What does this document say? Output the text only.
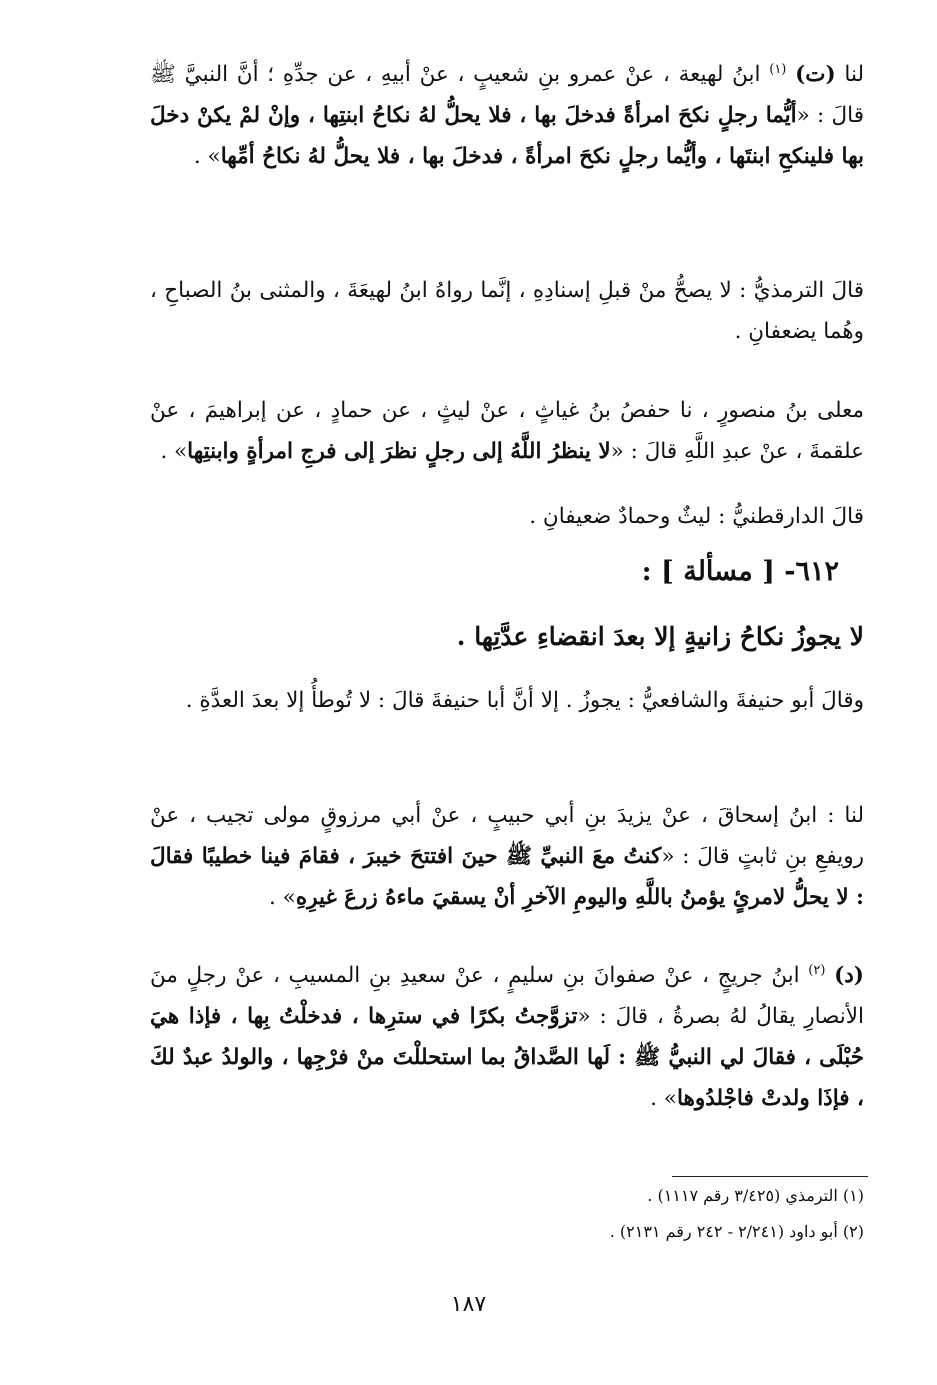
لنا (ت) $^{(١)}$ ابنُ لهيعة ، عنْ عمرو بنِ شعيبٍ ، عنْ أبيهِ ، عن جدِّهِ ؛ أنَّ النبيَّ ﷺ قالَ : «أيُّما رجلٍ نكحَ امرأةً فدخلَ بها ، فلا يحلُّ لهُ نكاحُ ابنتِها ، وإنْ لمْ يكنْ دخلَ بها فلينكحِ ابنتَها ، وأيُّما رجلٍ نكحَ امرأةً ، فدخلَ بها ، فلا يحلُّ لهُ نكاحُ أمِّها» .

قالَ الترمذيُّ : لا يصحُّ منْ قبلِ إسنادِهِ ، إنَّما رواهُ ابنُ لهيعَةَ ، والمثنى بنُ الصباحِ ، وهُما يضعفانِ .

معلى بنُ منصورٍ ، نا حفصُ بنُ غياثٍ ، عنْ ليثٍ ، عن حمادٍ ، عن إبراهيمَ ، عنْ علقمةَ ، عنْ عبدِ اللَّهِ قالَ : «لا ينظرُ اللَّهُ إلى رجلٍ نظرَ إلى فرجِ امرأةٍ وابنتِها» .

قالَ الدارقطنيُّ : ليثٌ وحمادٌ ضعيفانِ .

٦١٢- [ مسألة ] :
لا يجوزُ نكاحُ زانيةٍ إلا بعدَ انقضاءِ عدَّتِها .

وقالَ أبو حنيفةَ والشافعيُّ : يجوزُ . إلا أنَّ أبا حنيفةَ قالَ : لا تُوطأُ إلا بعدَ العدَّةِ .

لنا : ابنُ إسحاقَ ، عنْ يزيدَ بنِ أبي حبيبٍ ، عنْ أبي مرزوقٍ مولى تجيب ، عنْ رويفعِ بنِ ثابتٍ قالَ : «كنتُ معَ النبيِّ ﷺ حينَ افتتحَ خيبرَ ، فقامَ فينا خطيبًا فقالَ : لا يحلُّ لامرئٍ يؤمنُ باللَّهِ واليومِ الآخرِ أنْ يسقيَ ماءهُ زرعَ غيرِهِ» .

(د) $^{(٢)}$ ابنُ جريجٍ ، عنْ صفوانَ بنِ سليمٍ ، عنْ سعيدِ بنِ المسيبِ ، عنْ رجلٍ منَ الأنصارِ يقالُ لهُ بصرةُ ، قالَ : «تزوَّجتُ بكرًا في سترِها ، فدخلْتُ بِها ، فإذا هيَ حُبْلَى ، فقالَ لي النبيُّ ﷺ : لَها الصَّداقُ بما استحللْتَ منْ فرْجِها ، والولدُ عبدٌ لكَ ، فإذَا ولدتْ فاجْلدُوها» .

(١) الترمذي (٣/٤٢٥ رقم ١١١٧) .

(٢) أبو داود (٢/٢٤١ - ٢٤٢ رقم ٢١٣١) .

١٨٧
